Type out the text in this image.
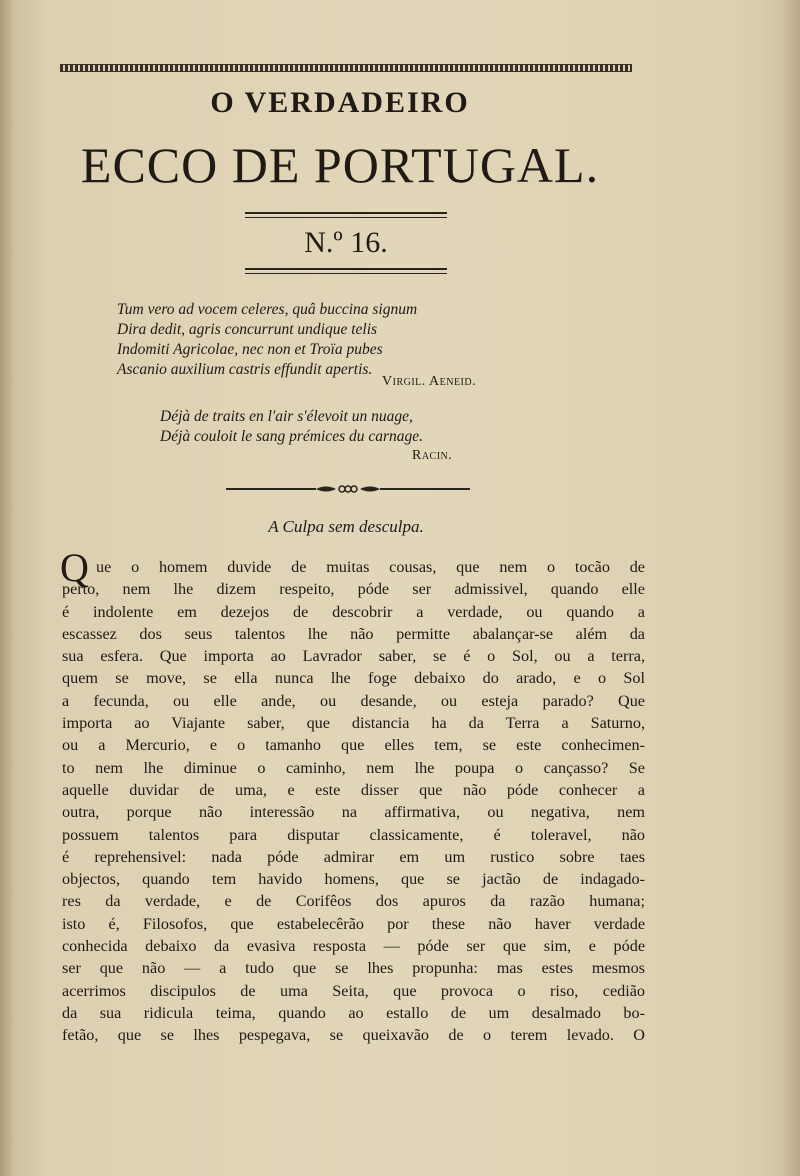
O VERDADEIRO
ECCO DE PORTUGAL.
N.º 16.
Tum vero ad vocem celeres, quâ buccina signum
Dira dedit, agris concurrunt undique telis
Indomiti Agricolae, nec non et Troïa pubes
Ascanio auxilium castris effundit apertis.
Virgil. Aeneid.
Déjà de traits en l'air s'élevoit un nuage,
Déjà couloit le sang prémices du carnage.
Racin.
A Culpa sem desculpa.
Q ue o homem duvide de muitas cousas, que nem o tocão de
perto, nem lhe dizem respeito, póde ser admissivel, quando elle
é indolente em dezejos de descobrir a verdade, ou quando a
escassez dos seus talentos lhe não permitte abalançar-se além da
sua esfera. Que importa ao Lavrador saber, se é o Sol, ou a terra,
quem se move, se ella nunca lhe foge debaixo do arado, e o Sol
a fecunda, ou elle ande, ou desande, ou esteja parado? Que
importa ao Viajante saber, que distancia ha da Terra a Saturno,
ou a Mercurio, e o tamanho que elles tem, se este conhecimen-
to nem lhe diminue o caminho, nem lhe poupa o cançasso? Se
aquelle duvidar de uma, e este disser que não póde conhecer a
outra, porque não interessão na affirmativa, ou negativa, nem
possuem talentos para disputar classicamente, é toleravel, não
é reprehensivel: nada póde admirar em um rustico sobre taes
objectos, quando tem havido homens, que se jactão de indagado-
res da verdade, e de Corifêos dos apuros da razão humana;
isto é, Filosofos, que estabelecêrão por these não haver verdade
conhecida debaixo da evasiva resposta — póde ser que sim, e póde
ser que não — a tudo que se lhes propunha: mas estes mesmos
acerrimos discipulos de uma Seita, que provoca o riso, cedião
da sua ridicula teima, quando ao estallo de um desalmado bo-
fetão, que se lhes pespegava, se queixavão de o terem levado. O
